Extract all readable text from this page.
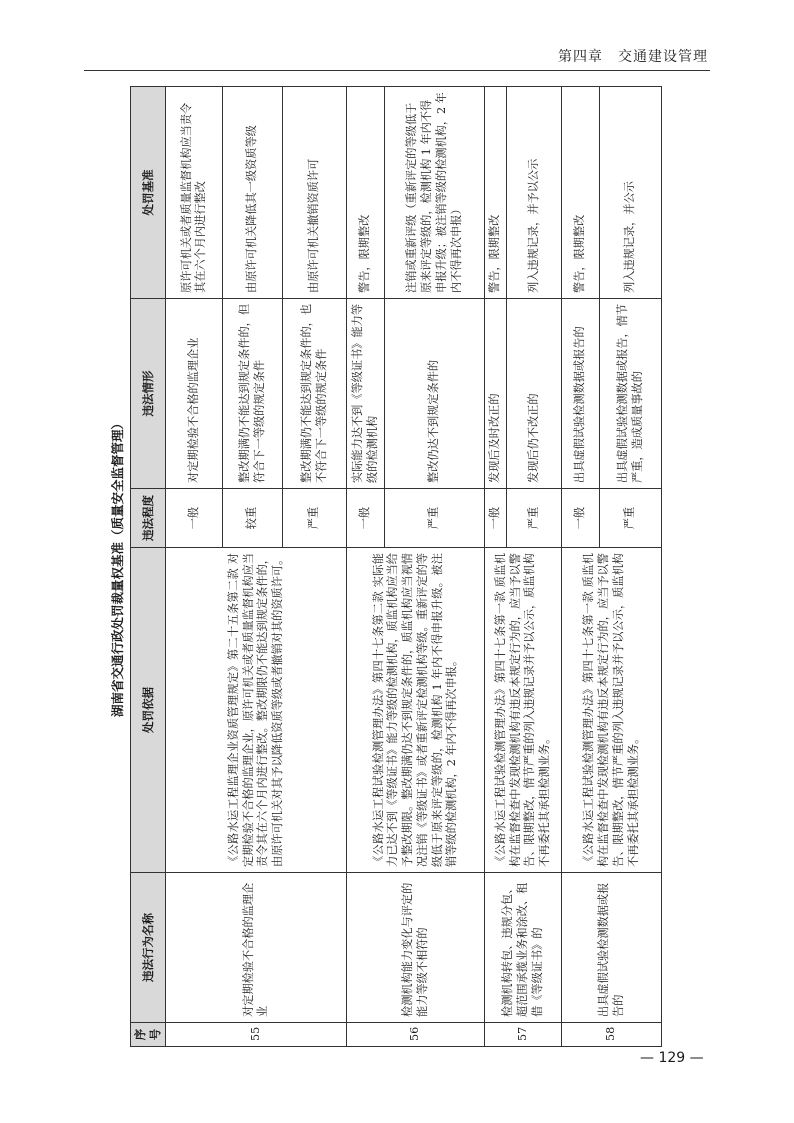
第四章　交通建设管理
湖南省交通行政处罚裁量权基准（质量安全监督管理）
序号	违法行为名称	处罚依据	违法程度	违法情形	处罚基准
55	对定期检验不合格的监理企业	《公路水运工程监理企业资质管理规定》第二十五条第二款 对定期检验不合格的监理企业，原许可机关或者质量监督机构应当责令其在六个月内进行整改。整改期限仍不能达到规定条件的，由原许可机关对其予以降低资质等级或者撤销对其的资质许可。	一般	对定期检验不合格的监理企业	原许可机关或者质量监督机构应当责令其在六个月内进行整改
			较重	整改期满仍不能达到规定条件的，但符合下一等级的规定条件	由原许可机关降低其一级资质等级
			严重	整改期满仍不能达到规定条件的，也不符合下一等级的规定条件	由原许可机关撤销资质许可
56	检测机构能力变化与评定的能力等级不相符的	《公路水运工程试验检测管理办法》第四十七条第二款 实际能力已达不到《等级证书》能力等级的检测机构，质监机构应当给予整改期限。整改期满仍达不到规定条件的，质监机构应当视情况注销《等级证书》或者重新评定检测机构等级。重新评定的等级低于原来评定等级的，检测机构 1 年内不得申报升级。被注销等级的检测机构，2 年内不得再次申报。	一般	实际能力达不到《等级证书》能力等级的检测机构	警告，限期整改
			严重	整改仍达不到规定条件的	注销或重新评级（重新评定的等级低于原来评定等级的，检测机构 1 年内不得申报升级；被注销等级的检测机构，2 年内不得再次申报）
57	检测机构转包、违规分包、超范围承揽业务和涂改、租借《等级证书》的	《公路水运工程试验检测管理办法》第四十七条第一款 质监机构在监督检查中发现检测机构有违反本规定行为的，应当予以警告、限期整改，情节严重的列入违规记录并予以公示，质监机构不再委托其承担检测业务。	一般	发现后及时改正的	警告，限期整改
			严重	发现后仍不改正的	列入违规记录，并予以公示
58	出具虚假试验检测数据或报告的	《公路水运工程试验检测管理办法》第四十七条第一款 质监机构在监督检查中发现检测机构有违反本规定行为的，应当予以警告、限期整改，情节严重的列入违规记录并予以公示，质监机构不再委托其承担检测业务。	一般	出具虚假试验检测数据或报告的	警告，限期整改
			严重	出具虚假试验检测数据或报告，情节严重，造成质量事故的	列入违规记录，并公示
— 129 —
